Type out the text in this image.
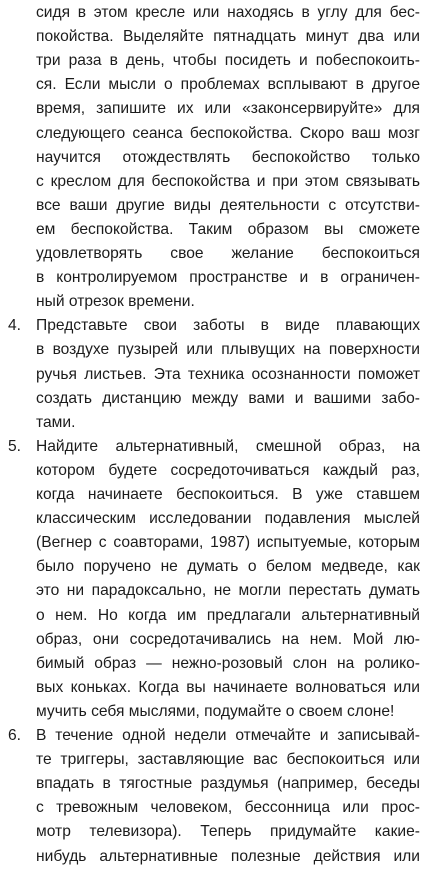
сидя в этом кресле или находясь в углу для бес-
покойства. Выделяйте пятнадцать минут два или
три раза в день, чтобы посидеть и побеспокоить-
ся. Если мысли о проблемах всплывают в другое
время, запишите их или «законсервируйте» для
следующего сеанса беспокойства. Скоро ваш мозг
научится отождествлять беспокойство только
с креслом для беспокойства и при этом связывать
все ваши другие виды деятельности с отсутстви-
ем беспокойства. Таким образом вы сможете
удовлетворять свое желание беспокоиться
в контролируемом пространстве и в ограничен-
ный отрезок времени.
4. Представьте свои заботы в виде плавающих
в воздухе пузырей или плывущих на поверхности
ручья листьев. Эта техника осознанности поможет
создать дистанцию между вами и вашими забо-
тами.
5. Найдите альтернативный, смешной образ, на
котором будете сосредоточиваться каждый раз,
когда начинаете беспокоиться. В уже ставшем
классическим исследовании подавления мыслей
(Вегнер с соавторами, 1987) испытуемые, которым
было поручено не думать о белом медведе, как
это ни парадоксально, не могли перестать думать
о нем. Но когда им предлагали альтернативный
образ, они сосредотачивались на нем. Мой лю-
бимый образ — нежно-розовый слон на ролико-
вых коньках. Когда вы начинаете волноваться или
мучить себя мыслями, подумайте о своем слоне!
6. В течение одной недели отмечайте и записывай-
те триггеры, заставляющие вас беспокоиться или
впадать в тягостные раздумья (например, беседы
с тревожным человеком, бессонница или прос-
мотр телевизора). Теперь придумайте какие-
нибудь альтернативные полезные действия или
